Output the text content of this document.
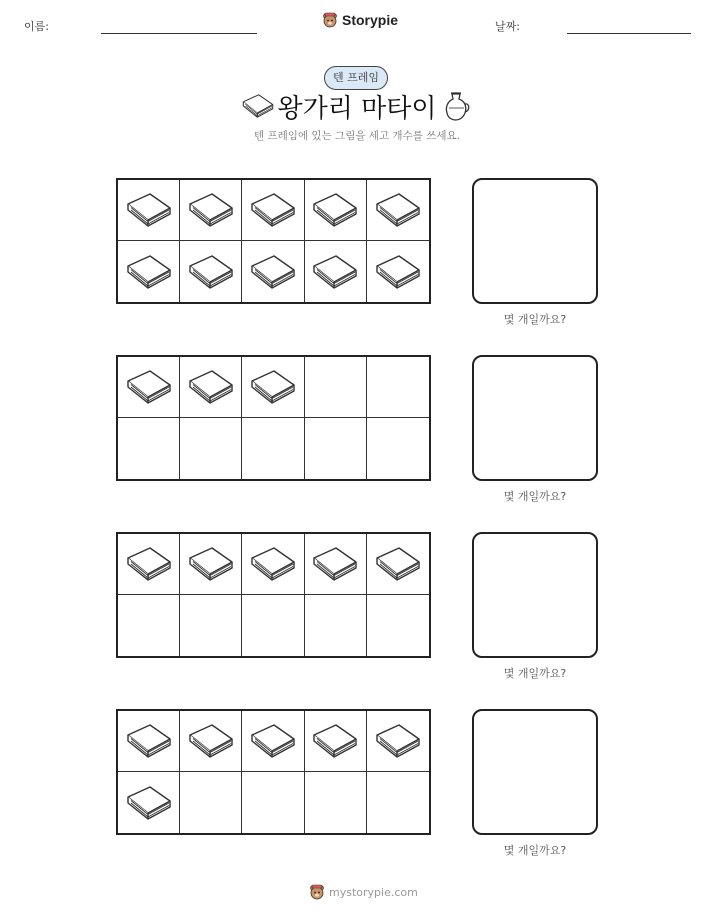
이름:	Storypie	날짜:
텐 프레임
왕가리 마타이
텐 프레임에 있는 그림을 세고 개수를 쓰세요.
몇 개일까요?
몇 개일까요?
몇 개일까요?
몇 개일까요?
mystorypie.com
